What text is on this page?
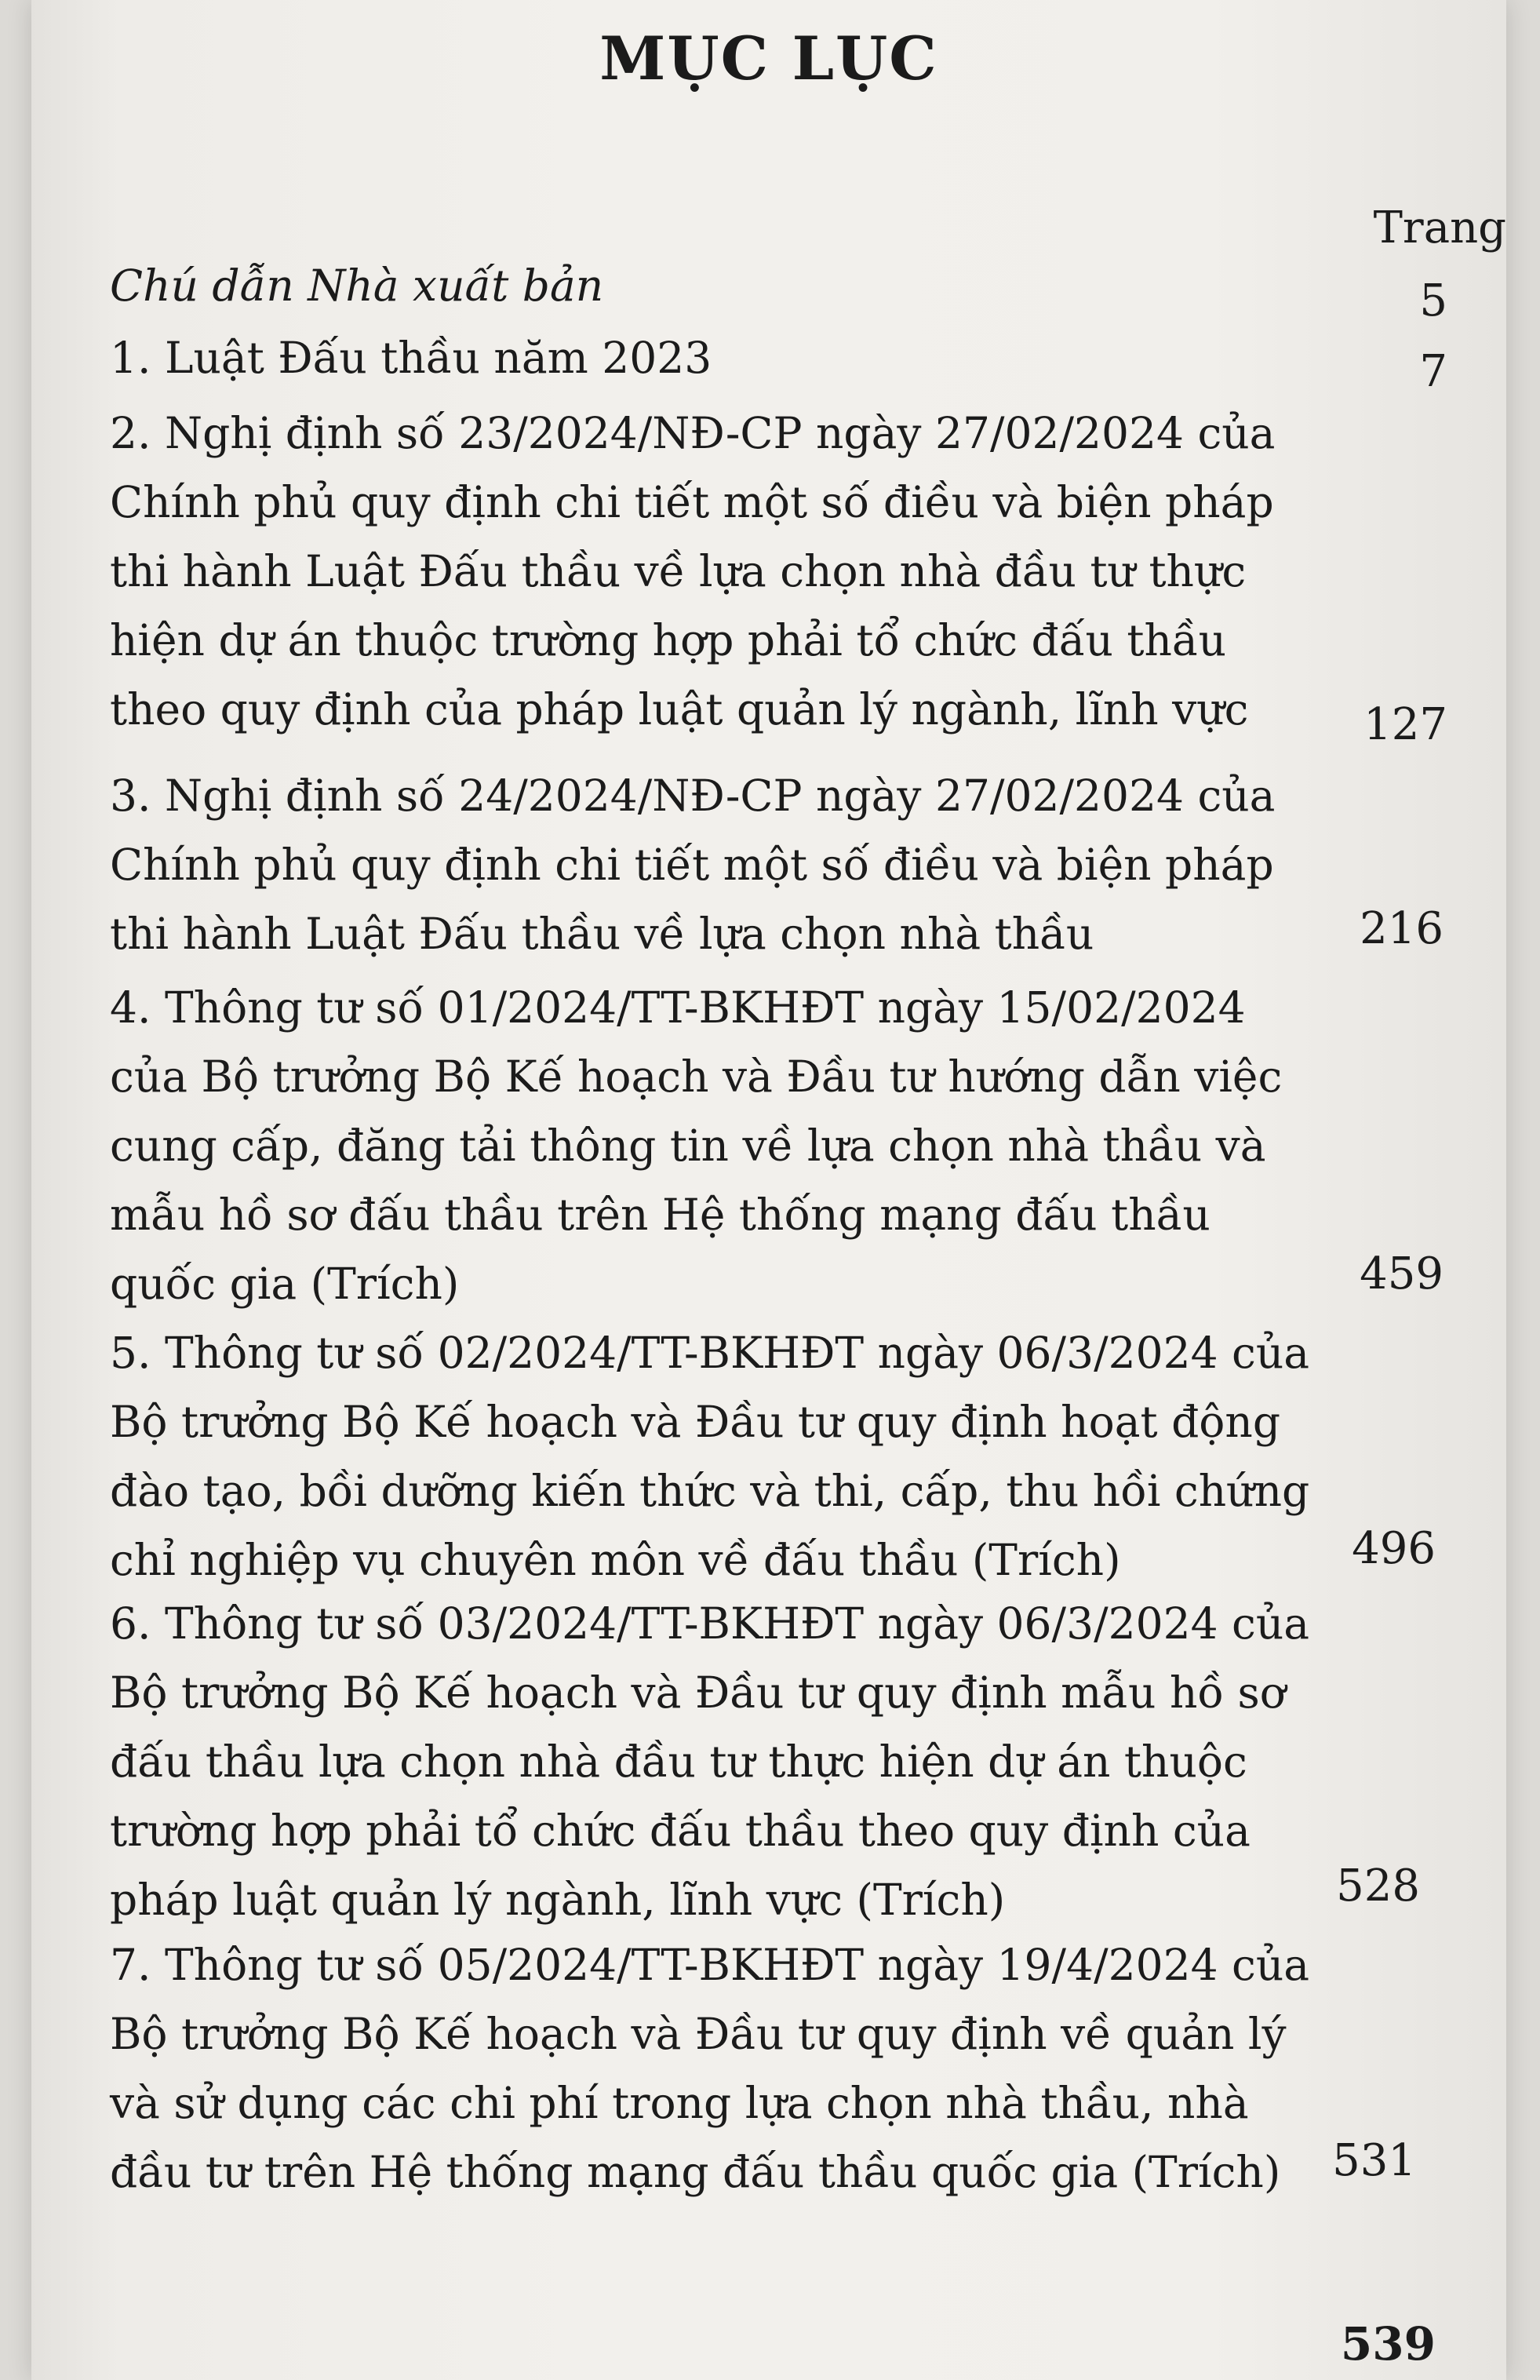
MỤC LỤC
Trang
Chú dẫn Nhà xuất bản	5
1. Luật Đấu thầu năm 2023	7
2. Nghị định số 23/2024/NĐ-CP ngày 27/02/2024 của Chính phủ quy định chi tiết một số điều và biện pháp thi hành Luật Đấu thầu về lựa chọn nhà đầu tư thực hiện dự án thuộc trường hợp phải tổ chức đấu thầu theo quy định của pháp luật quản lý ngành, lĩnh vực	127
3. Nghị định số 24/2024/NĐ-CP ngày 27/02/2024 của Chính phủ quy định chi tiết một số điều và biện pháp thi hành Luật Đấu thầu về lựa chọn nhà thầu	216
4. Thông tư số 01/2024/TT-BKHĐT ngày 15/02/2024 của Bộ trưởng Bộ Kế hoạch và Đầu tư hướng dẫn việc cung cấp, đăng tải thông tin về lựa chọn nhà thầu và mẫu hồ sơ đấu thầu trên Hệ thống mạng đấu thầu quốc gia (Trích)	459
5. Thông tư số 02/2024/TT-BKHĐT ngày 06/3/2024 của Bộ trưởng Bộ Kế hoạch và Đầu tư quy định hoạt động đào tạo, bồi dưỡng kiến thức và thi, cấp, thu hồi chứng chỉ nghiệp vụ chuyên môn về đấu thầu (Trích)	496
6. Thông tư số 03/2024/TT-BKHĐT ngày 06/3/2024 của Bộ trưởng Bộ Kế hoạch và Đầu tư quy định mẫu hồ sơ đấu thầu lựa chọn nhà đầu tư thực hiện dự án thuộc trường hợp phải tổ chức đấu thầu theo quy định của pháp luật quản lý ngành, lĩnh vực (Trích)	528
7. Thông tư số 05/2024/TT-BKHĐT ngày 19/4/2024 của Bộ trưởng Bộ Kế hoạch và Đầu tư quy định về quản lý và sử dụng các chi phí trong lựa chọn nhà thầu, nhà đầu tư trên Hệ thống mạng đấu thầu quốc gia (Trích)	531
539
